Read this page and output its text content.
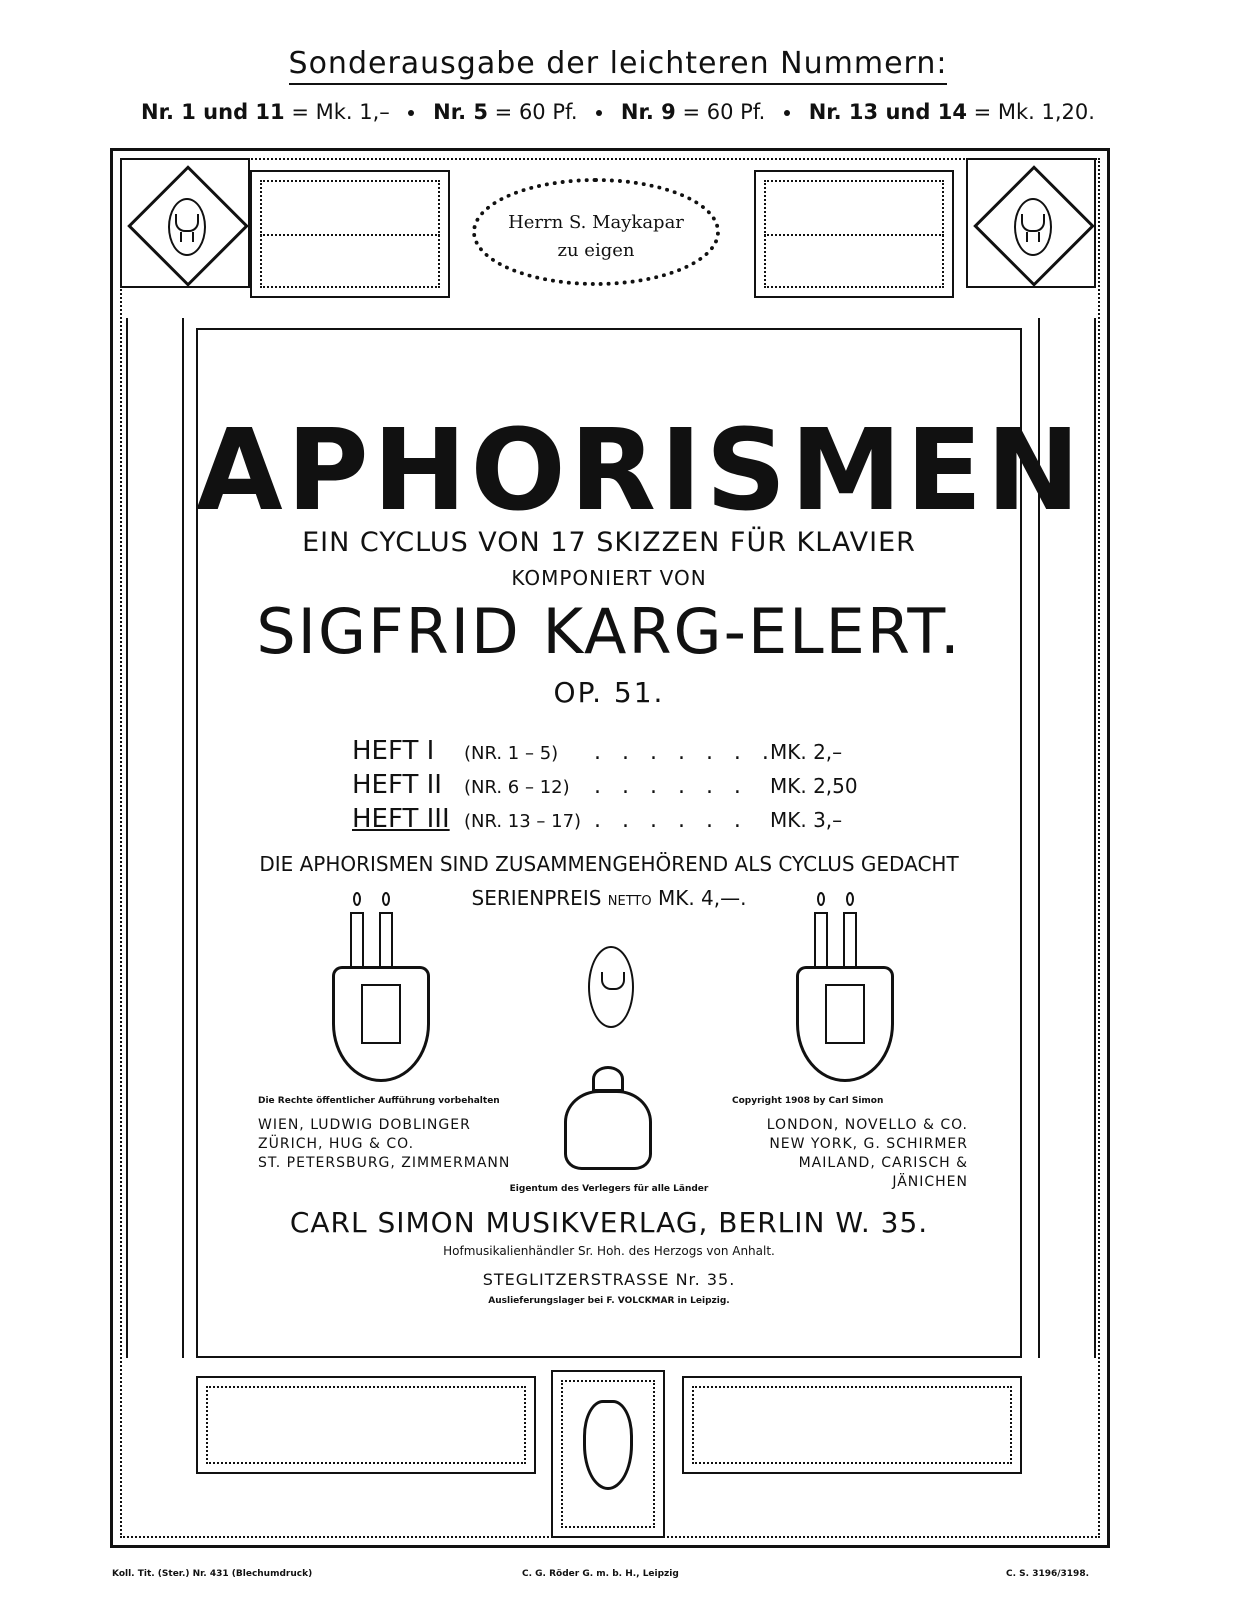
Sonderausgabe der leichteren Nummern:
Nr. 1 und 11 = Mk. 1,– Nr. 5 = 60 Pf. Nr. 9 = 60 Pf. Nr. 13 und 14 = Mk. 1,20.
Herrn S. Maykapar
zu eigen
APHORISMEN
EIN CYCLUS VON 17 SKIZZEN FÜR KLAVIER
KOMPONIERT VON
SIGFRID KARG-ELERT.
OP. 51.
HEFT I (NR. 1 – 5) . . . . . . .MK. 2,–
HEFT II (NR. 6 – 12) . . . . . . MK. 2,50
HEFT III (NR. 13 – 17) . . . . . . MK. 3,–
DIE APHORISMEN SIND ZUSAMMENGEHÖREND ALS CYCLUS GEDACHT
SERIENPREIS NETTO MK. 4,—.
Die Rechte öffentlicher Aufführung vorbehalten	Copyright 1908 by Carl Simon
WIEN, LUDWIG DOBLINGER
ZÜRICH, HUG & CO.
ST. PETERSBURG, ZIMMERMANN
LONDON, NOVELLO & CO.
NEW YORK, G. SCHIRMER
MAILAND, CARISCH & JÄNICHEN
Eigentum des Verlegers für alle Länder
CARL SIMON MUSIKVERLAG, BERLIN W. 35.
Hofmusikalienhändler Sr. Hoh. des Herzogs von Anhalt.
STEGLITZERSTRASSE Nr. 35.
Auslieferungslager bei F. VOLCKMAR in Leipzig.
Koll. Tit. (Ster.) Nr. 431 (Blechumdruck)	C. G. Röder G. m. b. H., Leipzig	C. S. 3196/3198.
